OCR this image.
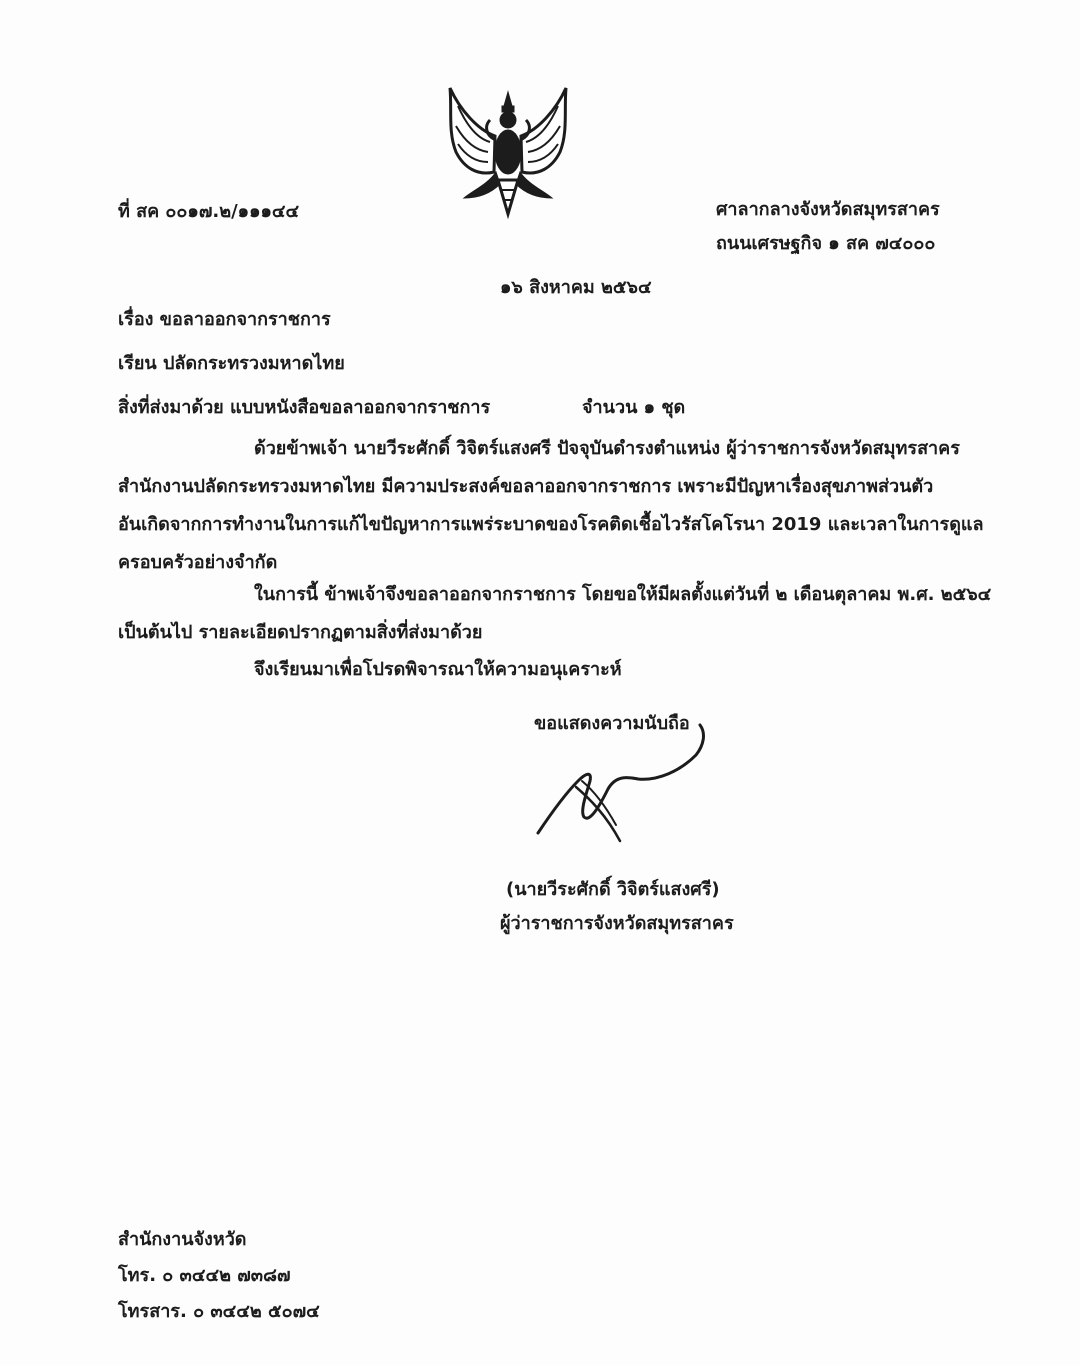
ที่ สค ๐๐๑๗.๒/๑๑๑๔๔	ศาลากลางจังหวัดสมุทรสาคร
ถนนเศรษฐกิจ ๑ สค ๗๔๐๐๐
๑๖ สิงหาคม ๒๕๖๔
เรื่อง ขอลาออกจากราชการ
เรียน ปลัดกระทรวงมหาดไทย
สิ่งที่ส่งมาด้วย แบบหนังสือขอลาออกจากราชการ	จำนวน ๑ ชุด
ด้วยข้าพเจ้า นายวีระศักดิ์ วิจิตร์แสงศรี ปัจจุบันดำรงตำแหน่ง ผู้ว่าราชการจังหวัดสมุทรสาคร
สำนักงานปลัดกระทรวงมหาดไทย มีความประสงค์ขอลาออกจากราชการ เพราะมีปัญหาเรื่องสุขภาพส่วนตัว
อันเกิดจากการทำงานในการแก้ไขปัญหาการแพร่ระบาดของโรคติดเชื้อไวรัสโคโรนา 2019 และเวลาในการดูแล
ครอบครัวอย่างจำกัด
ในการนี้ ข้าพเจ้าจึงขอลาออกจากราชการ โดยขอให้มีผลตั้งแต่วันที่ ๒ เดือนตุลาคม พ.ศ. ๒๕๖๔
เป็นต้นไป รายละเอียดปรากฏตามสิ่งที่ส่งมาด้วย
จึงเรียนมาเพื่อโปรดพิจารณาให้ความอนุเคราะห์
ขอแสดงความนับถือ
(นายวีระศักดิ์ วิจิตร์แสงศรี)
ผู้ว่าราชการจังหวัดสมุทรสาคร
สำนักงานจังหวัด
โทร. ๐ ๓๔๔๒ ๗๓๘๗
โทรสาร. ๐ ๓๔๔๒ ๕๐๗๔
